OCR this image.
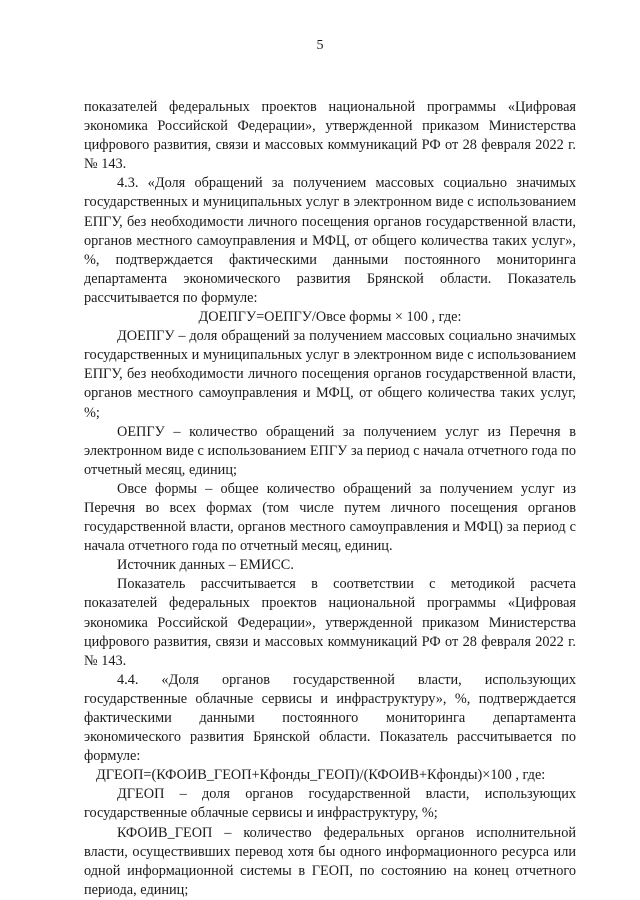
5

показателей федеральных проектов национальной программы «Цифровая экономика Российской Федерации», утвержденной приказом Министерства цифрового развития, связи и массовых коммуникаций РФ от 28 февраля 2022 г. № 143.

4.3. «Доля обращений за получением массовых социально значимых государственных и муниципальных услуг в электронном виде с использованием ЕПГУ, без необходимости личного посещения органов государственной власти, органов местного самоуправления и МФЦ, от общего количества таких услуг», %, подтверждается фактическими данными постоянного мониторинга департамента экономического развития Брянской области. Показатель рассчитывается по формуле:

ДОЕПГУ=ОЕПГУ/Овсе формы × 100 , где:

ДОЕПГУ – доля обращений за получением массовых социально значимых государственных и муниципальных услуг в электронном виде с использованием ЕПГУ, без необходимости личного посещения органов государственной власти, органов местного самоуправления и МФЦ, от общего количества таких услуг, %;

ОЕПГУ – количество обращений за получением услуг из Перечня в электронном виде с использованием ЕПГУ за период с начала отчетного года по отчетный месяц, единиц;

Овсе формы – общее количество обращений за получением услуг из Перечня во всех формах (том числе путем личного посещения органов государственной власти, органов местного самоуправления и МФЦ) за период с начала отчетного года по отчетный месяц, единиц.

Источник данных – ЕМИСС.

Показатель рассчитывается в соответствии с методикой расчета показателей федеральных проектов национальной программы «Цифровая экономика Российской Федерации», утвержденной приказом Министерства цифрового развития, связи и массовых коммуникаций РФ от 28 февраля 2022 г. № 143.

4.4. «Доля органов государственной власти, использующих государственные облачные сервисы и инфраструктуру», %, подтверждается фактическими данными постоянного мониторинга департамента экономического развития Брянской области. Показатель рассчитывается по формуле:

ДГЕОП=(КФОИВ_ГЕОП+Кфонды_ГЕОП)/(КФОИВ+Кфонды)×100 , где:

ДГЕОП – доля органов государственной власти, использующих государственные облачные сервисы и инфраструктуру, %;

КФОИВ_ГЕОП – количество федеральных органов исполнительной власти, осуществивших перевод хотя бы одного информационного ресурса или одной информационной системы в ГЕОП, по состоянию на конец отчетного периода, единиц;
